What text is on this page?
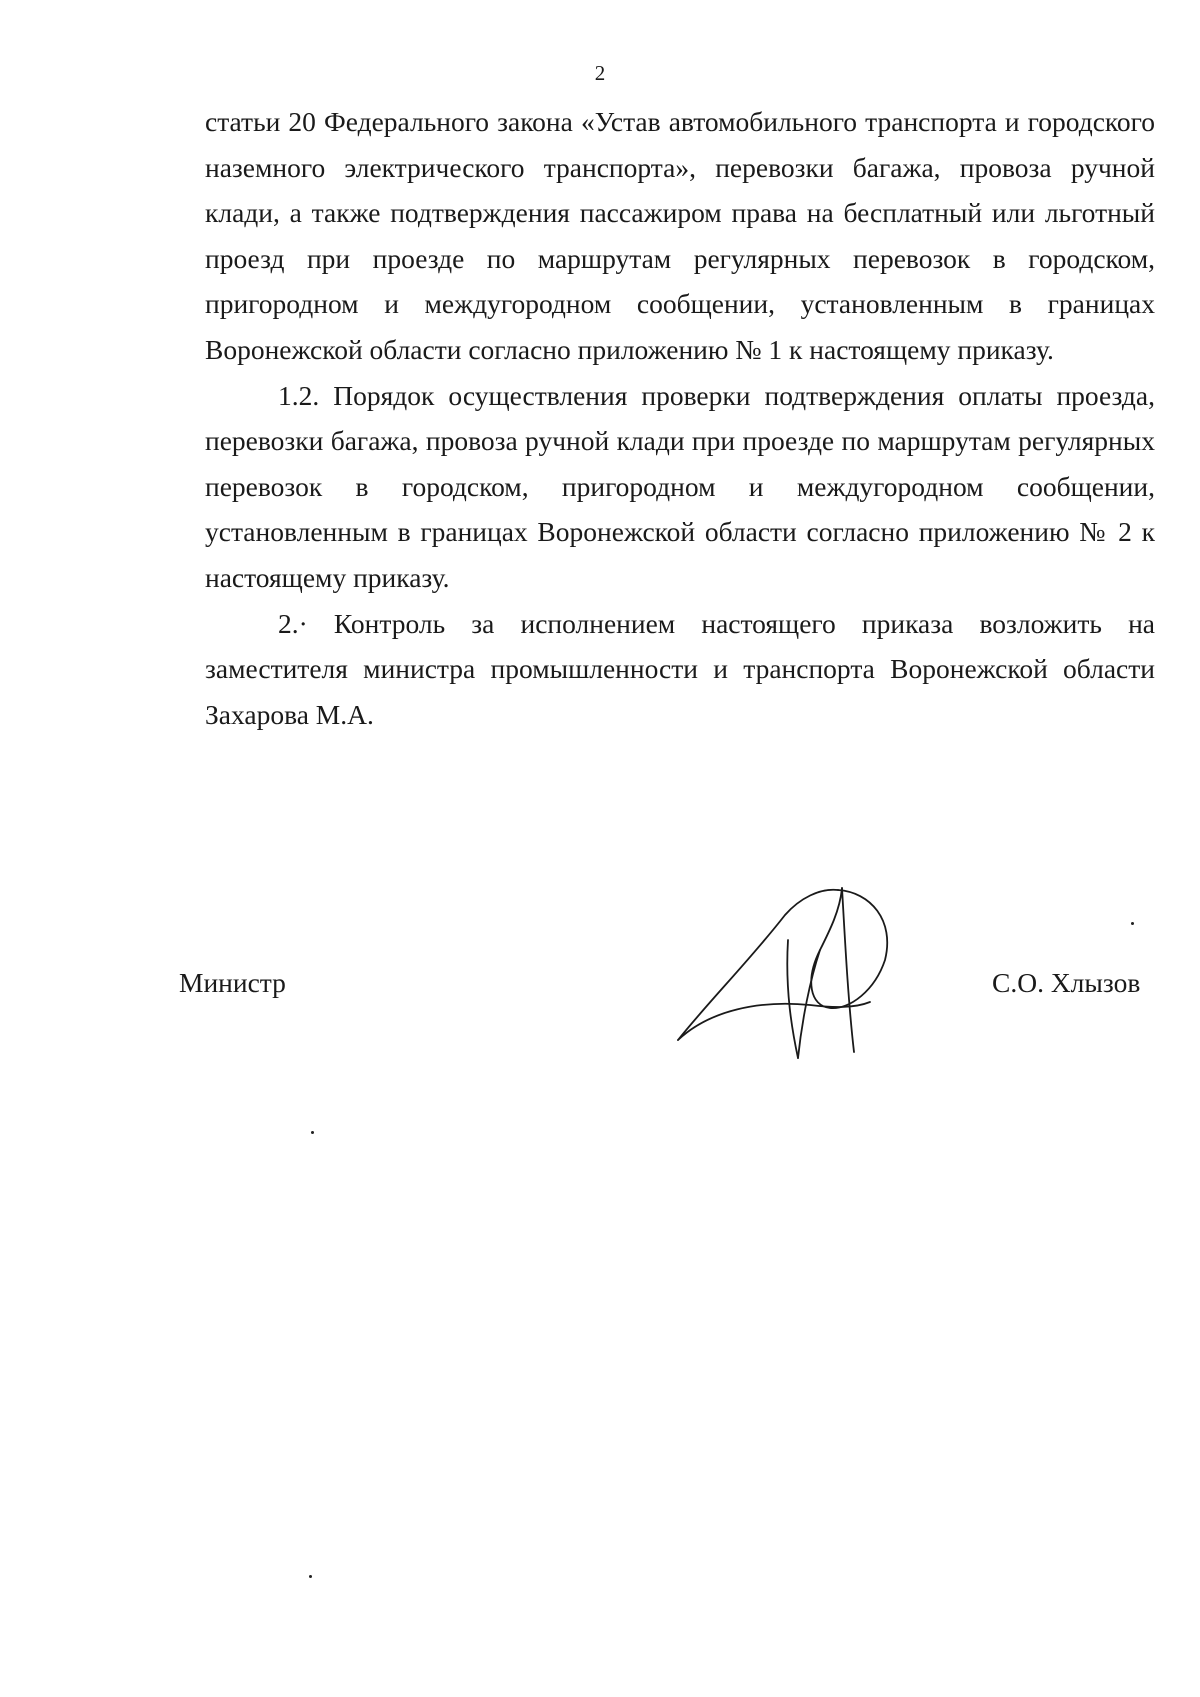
2

статьи 20 Федерального закона «Устав автомобильного транспорта и городского наземного электрического транспорта», перевозки багажа, провоза ручной клади, а также подтверждения пассажиром права на бесплатный или льготный проезд при проезде по маршрутам регулярных перевозок в городском, пригородном и междугородном сообщении, установленным в границах Воронежской области согласно приложению № 1 к настоящему приказу.

1.2. Порядок осуществления проверки подтверждения оплаты проезда, перевозки багажа, провоза ручной клади при проезде по маршрутам регулярных перевозок в городском, пригородном и междугородном сообщении, установленным в границах Воронежской области согласно приложению № 2 к настоящему приказу.

2.· Контроль за исполнением настоящего приказа возложить на заместителя министра промышленности и транспорта Воронежской области Захарова М.А.

Министр	С.О. Хлызов
